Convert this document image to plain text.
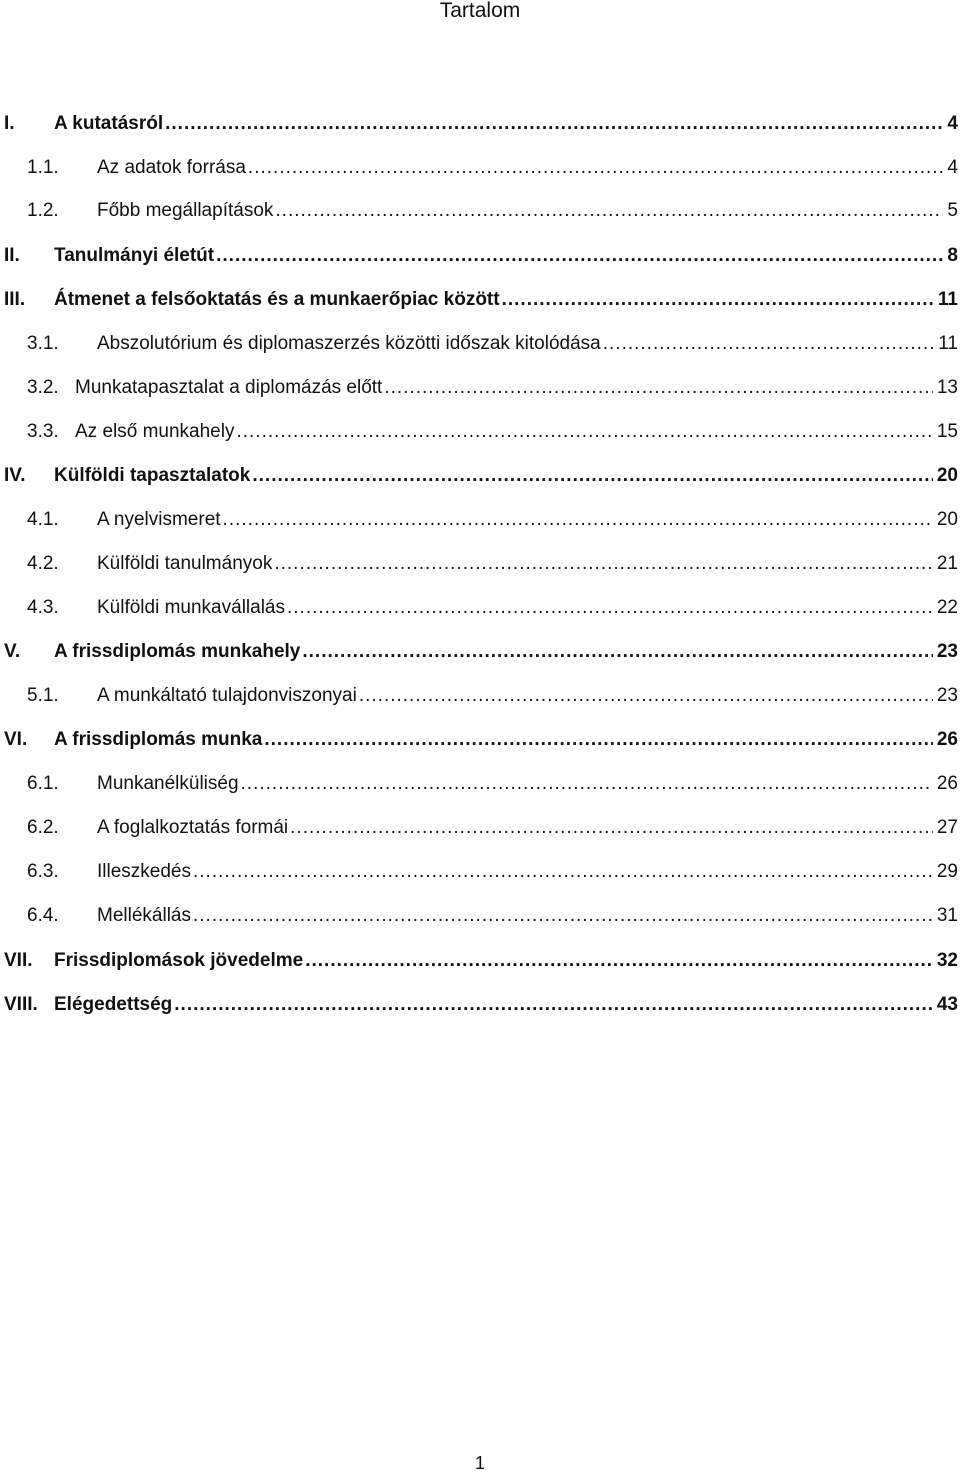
Tartalom
I.	A kutatásról .....	4
1.1.	Az adatok forrása .....	4
1.2.	Főbb megállapítások .....	5
II.	Tanulmányi életút .....	8
III.	Átmenet a felsőoktatás és a munkaerőpiac között .....	11
3.1.	Abszolutórium és diplomaszerzés közötti időszak kitolódása .....	11
3.2. Munkatapasztalat a diplomázás előtt .....	13
3.3. Az első munkahely .....	15
IV.	Külföldi tapasztalatok .....	20
4.1.	A nyelvismeret .....	20
4.2.	Külföldi tanulmányok .....	21
4.3.	Külföldi munkavállalás .....	22
V.	A frissdiplomás munkahely .....	23
5.1.	A munkáltató tulajdonviszonyai .....	23
VI.	A frissdiplomás munka .....	26
6.1.	Munkanélküliség .....	26
6.2.	A foglalkoztatás formái .....	27
6.3.	Illeszkedés .....	29
6.4.	Mellékállás .....	31
VII.	Frissdiplomások jövedelme .....	32
VIII. Elégedettség .....	43
1
